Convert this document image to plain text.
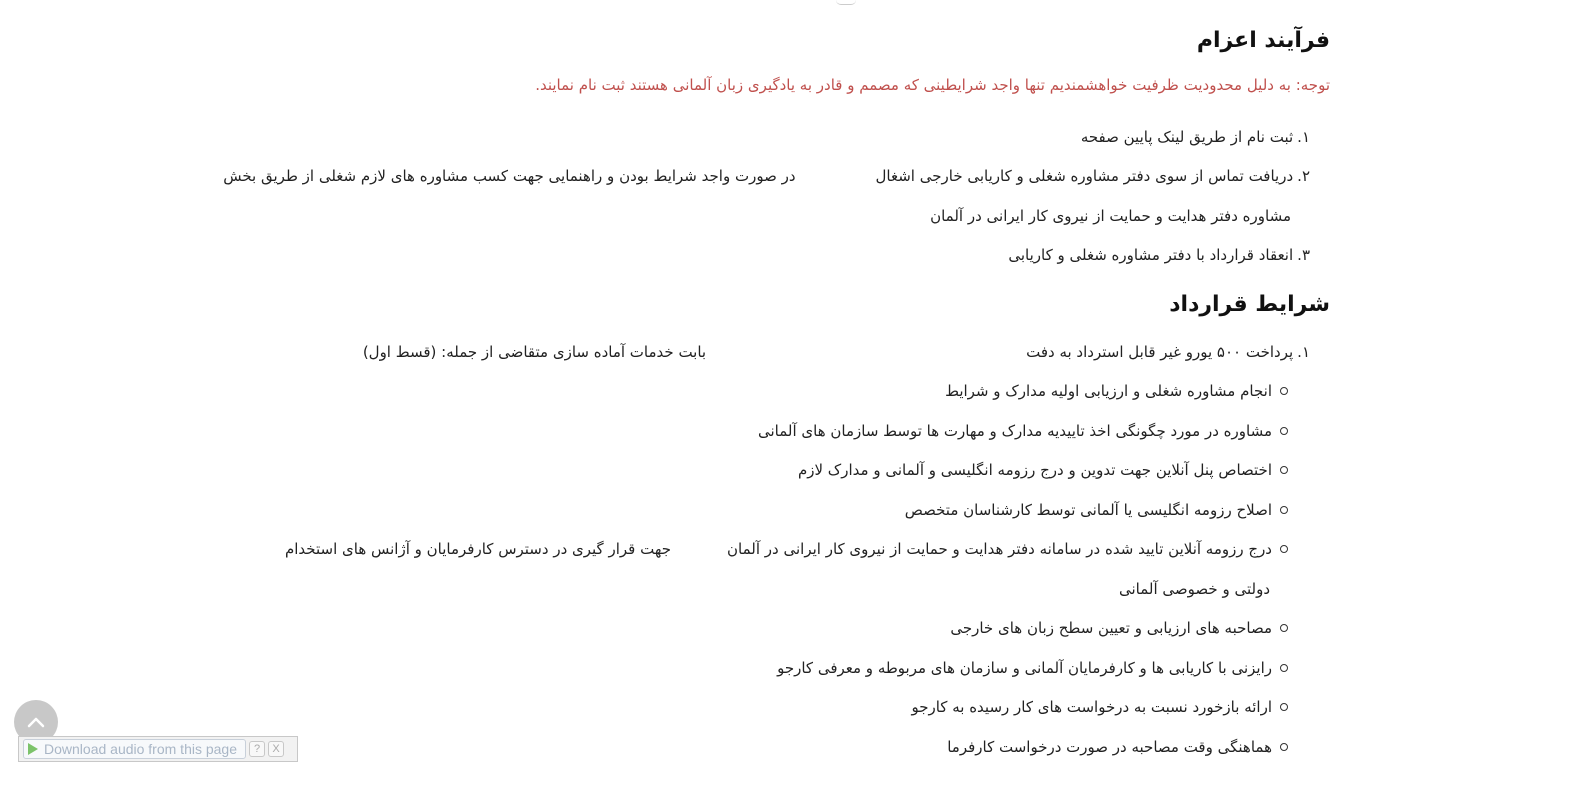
فرآیند اعزام
توجه: به دلیل محدودیت ظرفیت خواهشمندیم تنها واجد شرایطینی که مصمم و قادر به یادگیری زبان آلمانی هستند ثبت نام نمایند.
۱.ثبت نام از طریق لینک پایین صفحه
۲.دریافت تماس از سوی دفتر مشاوره شغلی و کاریابی خارجی اشغالدر صورت واجد شرایط بودن و راهنمایی جهت کسب مشاوره های لازم شغلی از طریق بخش
مشاوره دفتر هدایت و حمایت از نیروی کار ایرانی در آلمان
۳.انعقاد قرارداد با دفتر مشاوره شغلی و کاریابی
شرایط قرارداد
۱.پرداخت ۵۰۰ یورو غیر قابل استرداد به دفتبابت خدمات آماده سازی متقاضی از جمله: (قسط اول)
انجام مشاوره شغلی و ارزیابی اولیه مدارک و شرایط
مشاوره در مورد چگونگی اخذ تاییدیه مدارک و مهارت ها توسط سازمان های آلمانی
اختصاص پنل آنلاین جهت تدوین و درج رزومه انگلیسی و آلمانی و مدارک لازم
اصلاح رزومه انگلیسی یا آلمانی توسط کارشناسان متخصص
درج رزومه آنلاین تایید شده در سامانه دفتر هدایت و حمایت از نیروی کار ایرانی در آلمانجهت قرار گیری در دسترس کارفرمایان و آژانس های استخدام
دولتی و خصوصی آلمانی
مصاحبه های ارزیابی و تعیین سطح زبان های خارجی
رایزنی با کاریابی ها و کارفرمایان آلمانی و سازمان های مربوطه و معرفی کارجو
ارائه بازخورد نسبت به درخواست های کار رسیده به کارجو
هماهنگی وقت مصاحبه در صورت درخواست کارفرما
Download audio from this page	?	X
